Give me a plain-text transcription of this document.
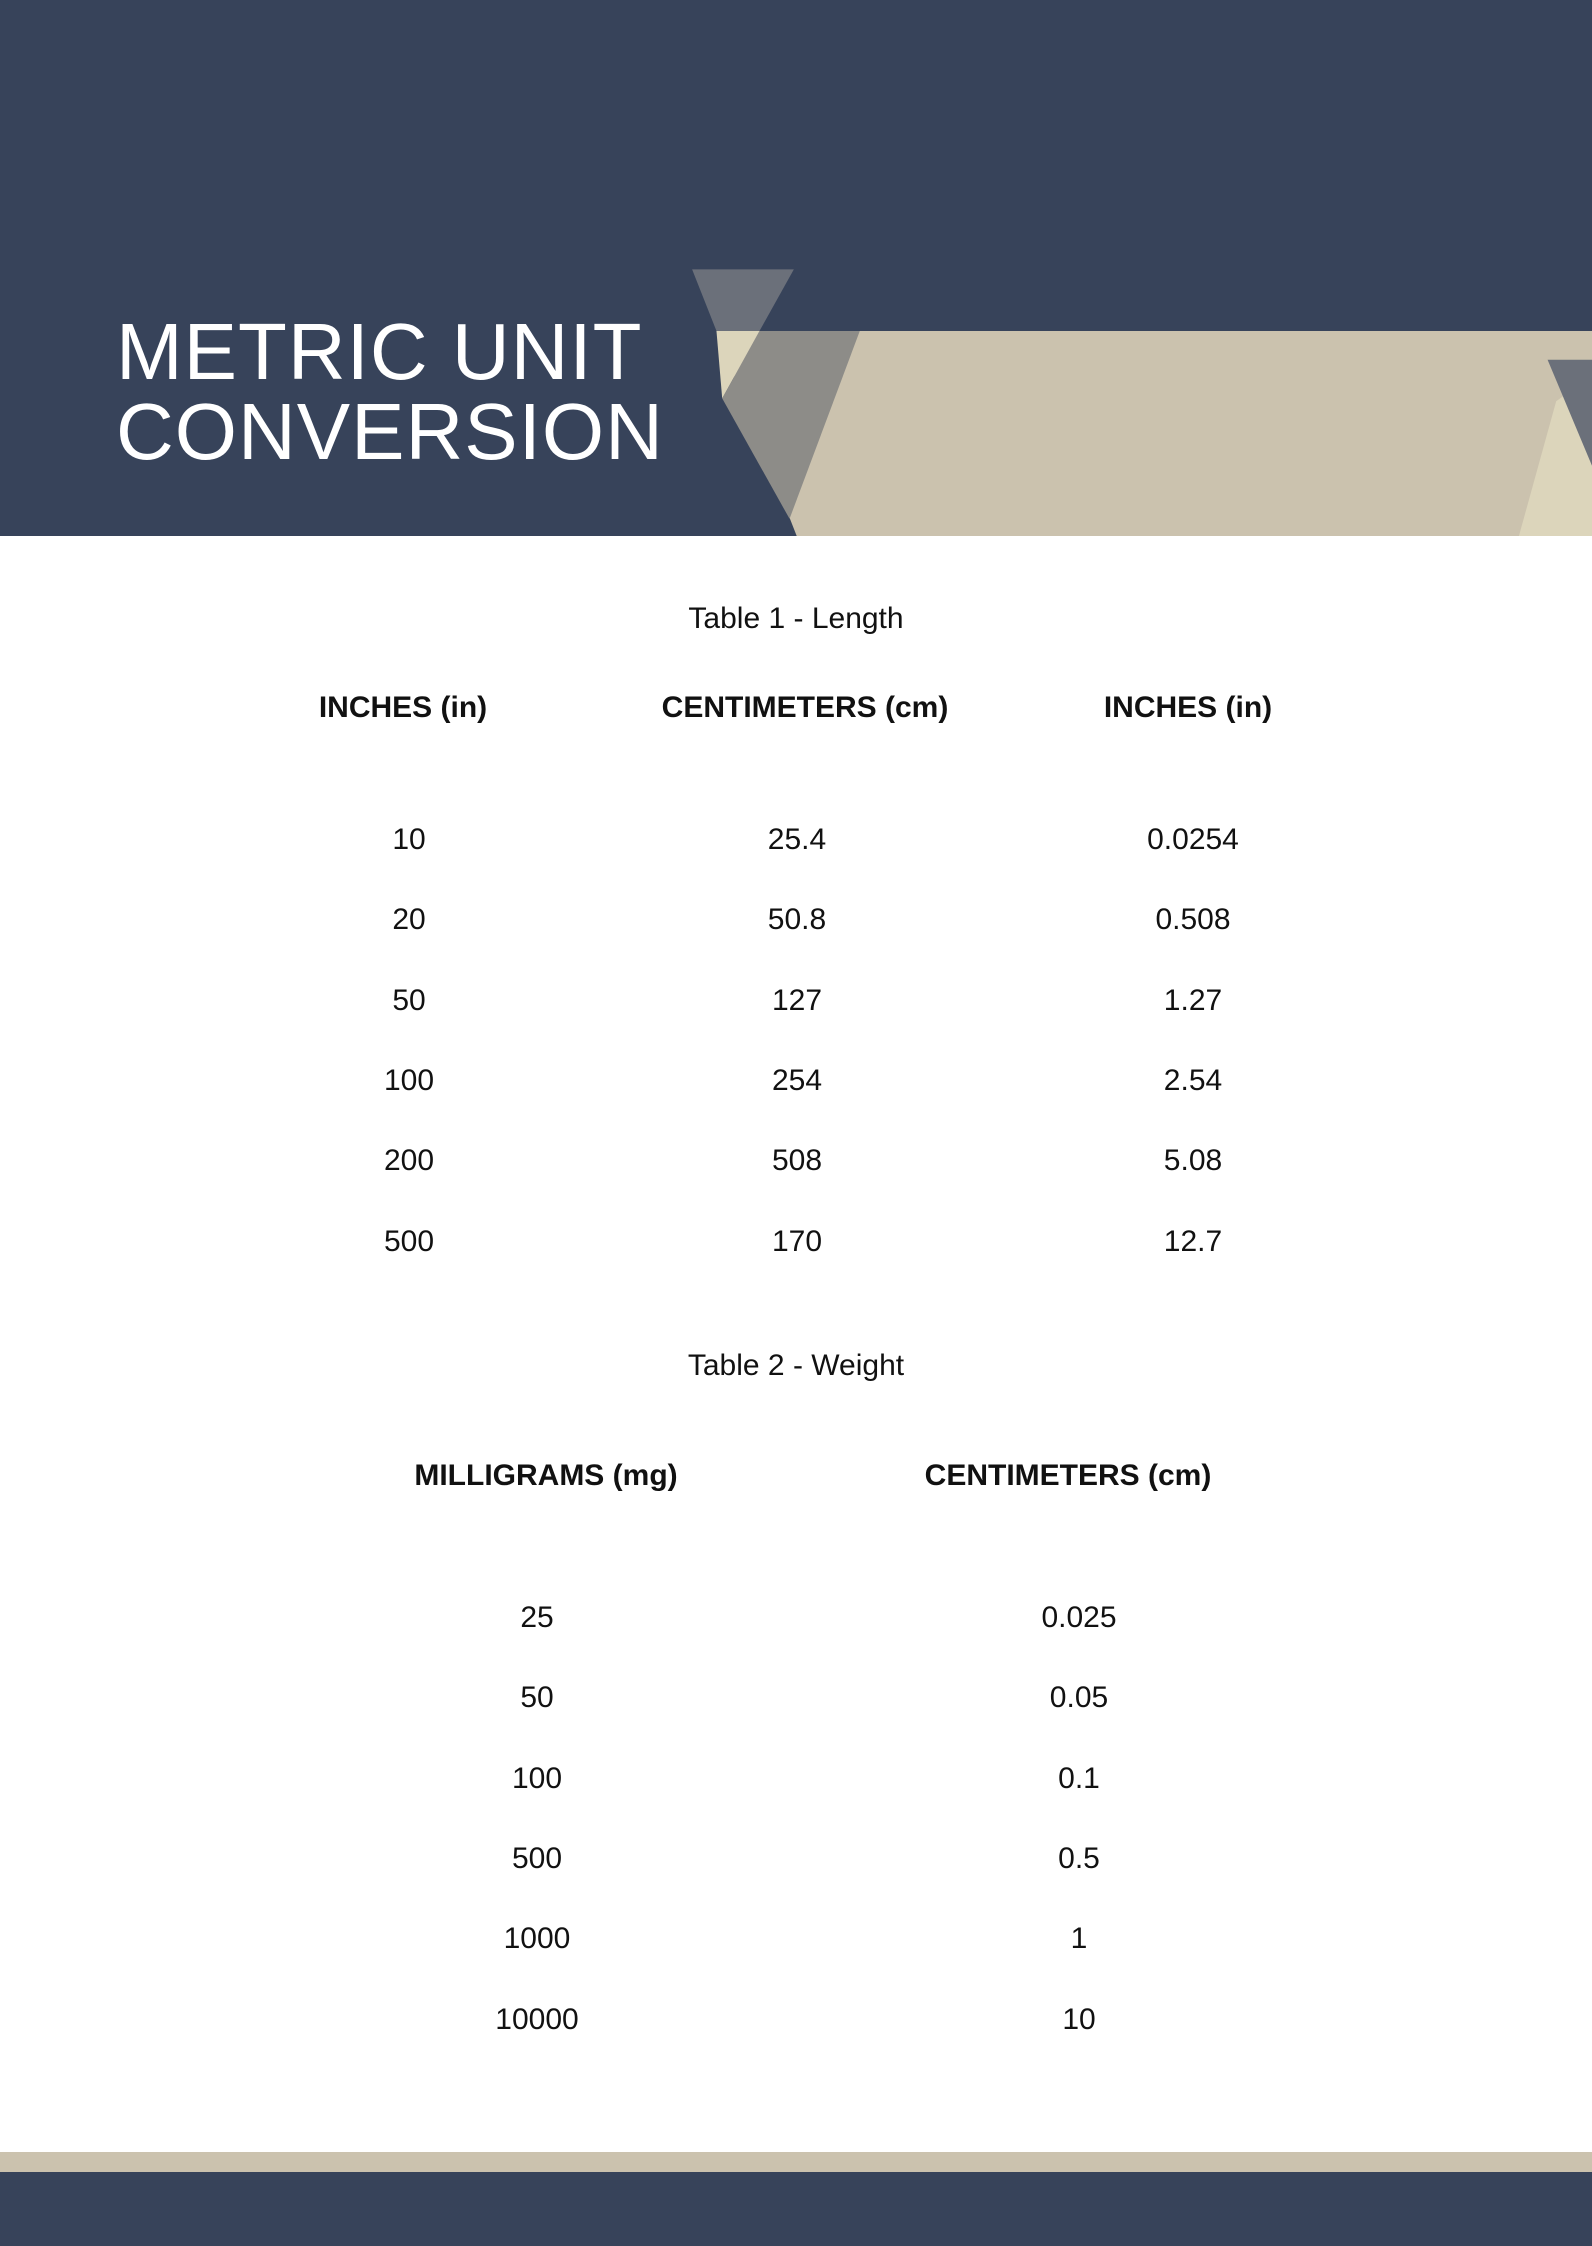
METRIC UNIT
CONVERSION
Table 1 - Length
INCHES (in)	CENTIMETERS (cm)	INCHES (in)
10	25.4	0.0254
20	50.8	0.508
50	127	1.27
100	254	2.54
200	508	5.08
500	170	12.7
Table 2 - Weight
MILLIGRAMS (mg)	CENTIMETERS (cm)
25	0.025
50	0.05
100	0.1
500	0.5
1000	1
10000	10
